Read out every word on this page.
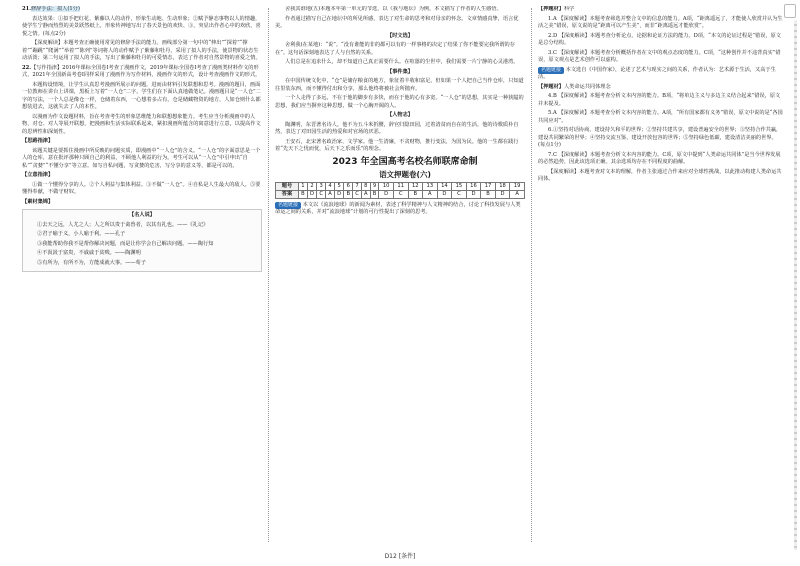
21.修辞手法：拟人(1分)

表达效果：①拟手把红花、紫藤以人的动作，形象生动地、生动形象；②赋予静态事物以人的情趣，使学生宁静而热烈的美景跃然纸上，形象传神地写出了春天景色的欢快、③，突显出作者心中的欢欣、喜悦之情。(每点2分)

【深度解读】本题考查正确使用常见的修辞手法的能力。画线部分第一句中的“伸出”“探着”“撑着”“蹦跳”“爬满”“举着”“陈列”等词将人的动作赋予了紫藤和牡丹，采用了拟人的手法，使景物的状态生动活泼；第二句运用了拟人的手法，写出了紫藤和牡丹的可爱情态，表达了作者对自然景物的喜爱之情。

22.【写作指津】2016年课标全国卷Ⅰ考查了漫画作文，2019年课标全国卷Ⅰ考查了漫画类材料作文的形式，2021年全国新高考卷Ⅰ同样采用了漫画作为写作材料，漫画作文的形式，设计考查漫画作文的形式。

本题构设情境，让学生认真思考漫画所展示的问题，进而由材料引发联想和思考。漫画的题目，画面一位教师在讲台上讲课，黑板上写着“一人仓”二字。学生们在下面认真地做笔记。漫画题目是“一人仓”二字的写法，一个人总是像仓一样，仓储着东西，一心想着多占有，仓是储藏物资的地方，人如仓则什么都想装进去，这就失去了人的本性。

以漫画为作文设题材料，旨在考查考生的形象思维能力和联想想象能力。考生应当分析漫画中的人物，对仓、对人等展开联想，把漫画和生活实际联系起来，紧扣漫画所蕴含的寓意进行立意，以提高作文的思辨性和深刻性。

【思路指津】

该题关键是要抓住漫画中所反映的问题实质，即漫画中“一人仓”的含义。“一人仓”的字面意思是一个人的仓库，意在批评那种只顾自己的利益，不顾他人利益的行为。考生可以从“一人仓”中引申出“自私”“贪婪”“不懂分享”等立意。如写自私问题，写贪婪的危害，写分享的意义等，都是可以的。

【立意指津】

①做一个懂得分享的人。②个人利益与集体利益。③不做“一人仓”。④自私是人生最大的敌人。⑤要懂得奉献，不做守财奴。

【素材集锦】

【名人说】

①去天之远，人尤之人；人之所以贵于禽兽者，以其有礼也。——《礼记》

②君子喻于义，小人喻于利。——孔子

③我能帮助你我不是帮你解决问题，而是让你学会自己解决问题。——陶行知

④不汲汲于富贵，不戚戚于贫贱。——陶渊明

⑤有所为，有所不为，方能成就大事。——荀子

舍我其谁地(五)本题本年第一单元的节选，以《我与地坛》为例，本文描写了作者的人生感悟。

作者通过描写自己在地坛中的所见所感，表达了对生命的思考和对母亲的怀念。文章情感真挚，语言优美。

【时文选】

舍利我(在某地)：“说”。“没有谁能的非的都可以有的一样事格的决定了结果了你不能要完我所谓的存在”。这句话深刻地表达了人与自然的关系。

人们总是在追求什么，却不知道自己真正需要什么。在喧嚣的尘世中，我们需要一片宁静的心灵港湾。

【事件集】

在中国传统文化中，“仓”是储存粮食的地方，象征着丰收和富足。但如果一个人把自己当作仓库，只知道往里装东西，而不懂得付出和分享，那么他终将被社会所抛弃。

一个人走得了多远，不在于他的脚步有多快，而在于他的心有多宽。“一人仓”的思想，其实是一种狭隘的思想，我们应当摒弃这种思想，做一个心胸开阔的人。

【人物志】

陶渊明，东晋著名诗人。他不为五斗米折腰，辞官归隐田园，过着清贫而自在的生活。他的诗歌质朴自然，表达了对田园生活的热爱和对官场的厌恶。

王安石，北宋著名政治家、文学家。他一生清廉，不贪财物，推行变法，为国为民。他的一生都在践行着“先天下之忧而忧，后天下之乐而乐”的理念。

2023 年全国高考名校名师联席命制

语文押题卷(六)

题号	1	2	3	4	5	6	7	8	9	10	11	12	13	14	15	16	17	18	19
答案	B	D	C	A	D	B	C	A	B	D	C	B	A	D	C	D	B	D	A

名题链接 本文以《流浪地球》的新闻为素材，表述了科学精神与人文精神的结合，讨论了科技发展与人类命运之间的关系，并对“流浪地球”计划的可行性提出了深刻的思考。

【押题材】科学

1.A 【深度解读】本题考查筛选并整合文中的信息的能力。A项，“距离遥远了，才能使人欣赏并认为生活之美”错误，原文说的是“距离可以产生美”，而非“距离遥远才能欣赏”。

2.D 【深度解读】本题考查分析论点、论据和论证方法的能力。D项，“本文的论证过程是”错误，原文是总分结构。

3.C 【深度解读】本题考查分析概括作者在文中的观点态度的能力。C项，“这种创作并不违背真实”错误，原文观点是艺术创作可以虚构。

名题链接 本文选自《中国作家》，论述了艺术与现实之间的关系，作者认为：艺术源于生活，又高于生活。

【押题材】人类命运共同体理念

4.B 【深度解读】本题考查分析文本内容的能力。B项，“将单边主义与多边主义结合起来”错误，原文并未提及。

5.A 【深度解读】本题考查分析文本内容的能力。A项，“所有国家都有义务”错误，原文中说的是“各国共同应对”。

6.①坚持对话协商，建设持久和平的世界；②坚持共建共享，建设普遍安全的世界；③坚持合作共赢，建设共同繁荣的世界；④坚持交流互鉴，建设开放包容的世界；⑤坚持绿色低碳，建设清洁美丽的世界。(每点1分)

7.C 【深度解读】本题考查分析文本内容的能力。C项，原文中提到“人类命运共同体”是当今世界发展的必然趋势，因此该选项正确。其余选项均存在不同程度的曲解。

【深度解读】本题考查对文本的理解，作者主张通过合作来应对全球性挑战，以此推动构建人类命运共同体。

D12 [条件]
